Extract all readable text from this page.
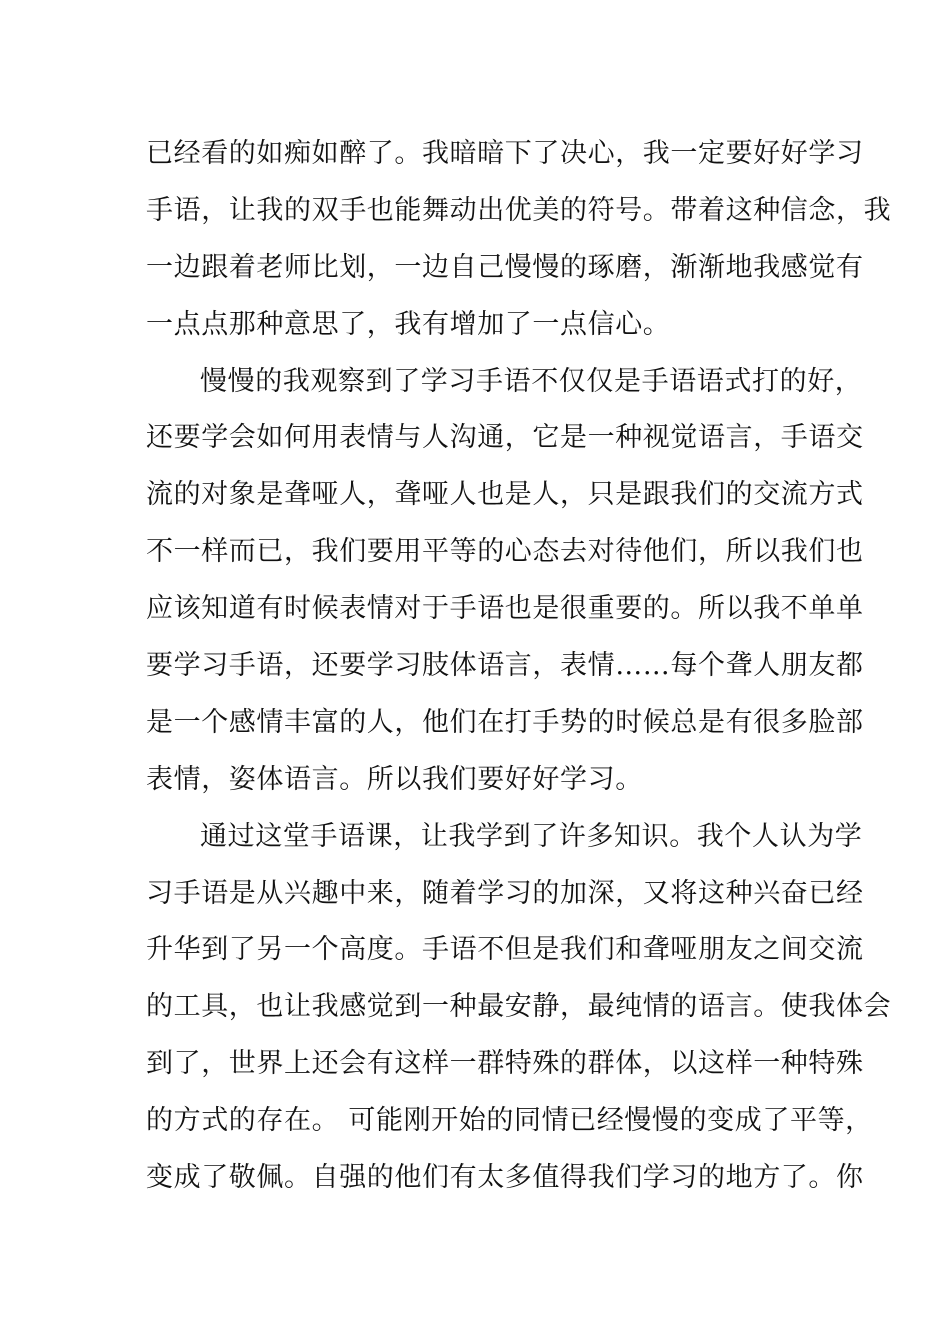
已经看的如痴如醉了。我暗暗下了决心，我一定要好好学习
手语，让我的双手也能舞动出优美的符号。带着这种信念，我
一边跟着老师比划，一边自己慢慢的琢磨，渐渐地我感觉有
一点点那种意思了，我有增加了一点信心。
慢慢的我观察到了学习手语不仅仅是手语语式打的好，
还要学会如何用表情与人沟通，它是一种视觉语言，手语交
流的对象是聋哑人，聋哑人也是人，只是跟我们的交流方式
不一样而已，我们要用平等的心态去对待他们，所以我们也
应该知道有时候表情对于手语也是很重要的。所以我不单单
要学习手语，还要学习肢体语言，表情……每个聋人朋友都
是一个感情丰富的人，他们在打手势的时候总是有很多脸部
表情，姿体语言。所以我们要好好学习。
通过这堂手语课，让我学到了许多知识。我个人认为学
习手语是从兴趣中来，随着学习的加深，又将这种兴奋已经
升华到了另一个高度。手语不但是我们和聋哑朋友之间交流
的工具，也让我感觉到一种最安静，最纯情的语言。使我体会
到了，世界上还会有这样一群特殊的群体，以这样一种特殊
的方式的存在。 可能刚开始的同情已经慢慢的变成了平等，
变成了敬佩。自强的他们有太多值得我们学习的地方了。你
